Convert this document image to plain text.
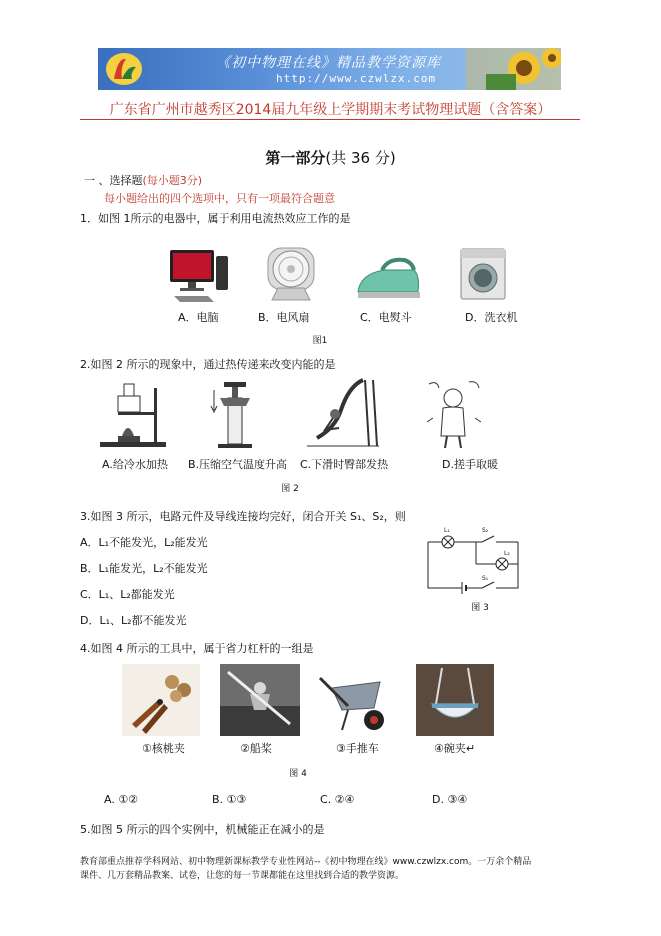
《初中物理在线》精品教学资源库
http://www.czwlzx.com
广东省广州市越秀区2014届九年级上学期期末考试物理试题（含答案）
第一部分(共 36 分)
一 、选择题(每小题3分)
每小题给出的四个选项中，只有一项最符合题意
1．如图 1所示的电器中，属于利用电流热效应工作的是
A．电脑	B．电风扇	C．电熨斗	D．洗衣机
图1
2.如图 2 所示的现象中，通过热传递来改变内能的是
A.给冷水加热 B.压缩空气温度升高 C.下滑时臀部发热	D.搓手取暖
图 2
3.如图 3 所示，电路元件及导线连接均完好，闭合开关 S₁、S₂，则
A．L₁不能发光，L₂能发光
B．L₁能发光，L₂不能发光
C．L₁、L₂都能发光
D．L₁、L₂都不能发光
L₁	S₂
L₂
S₁
图 3
4.如图 4 所示的工具中，属于省力杠杆的一组是
①核桃夹	②船桨	③手推车	④碗夹↵
图 4
A. ①②	B. ①③	C. ②④	D. ③④
5.如图 5 所示的四个实例中，机械能正在减小的是
教育部重点推荐学科网站、初中物理新课标教学专业性网站--《初中物理在线》www.czwlzx.com。一万余个精品
课件、几万套精品教案、试卷，让您的每一节课都能在这里找到合适的教学资源。
